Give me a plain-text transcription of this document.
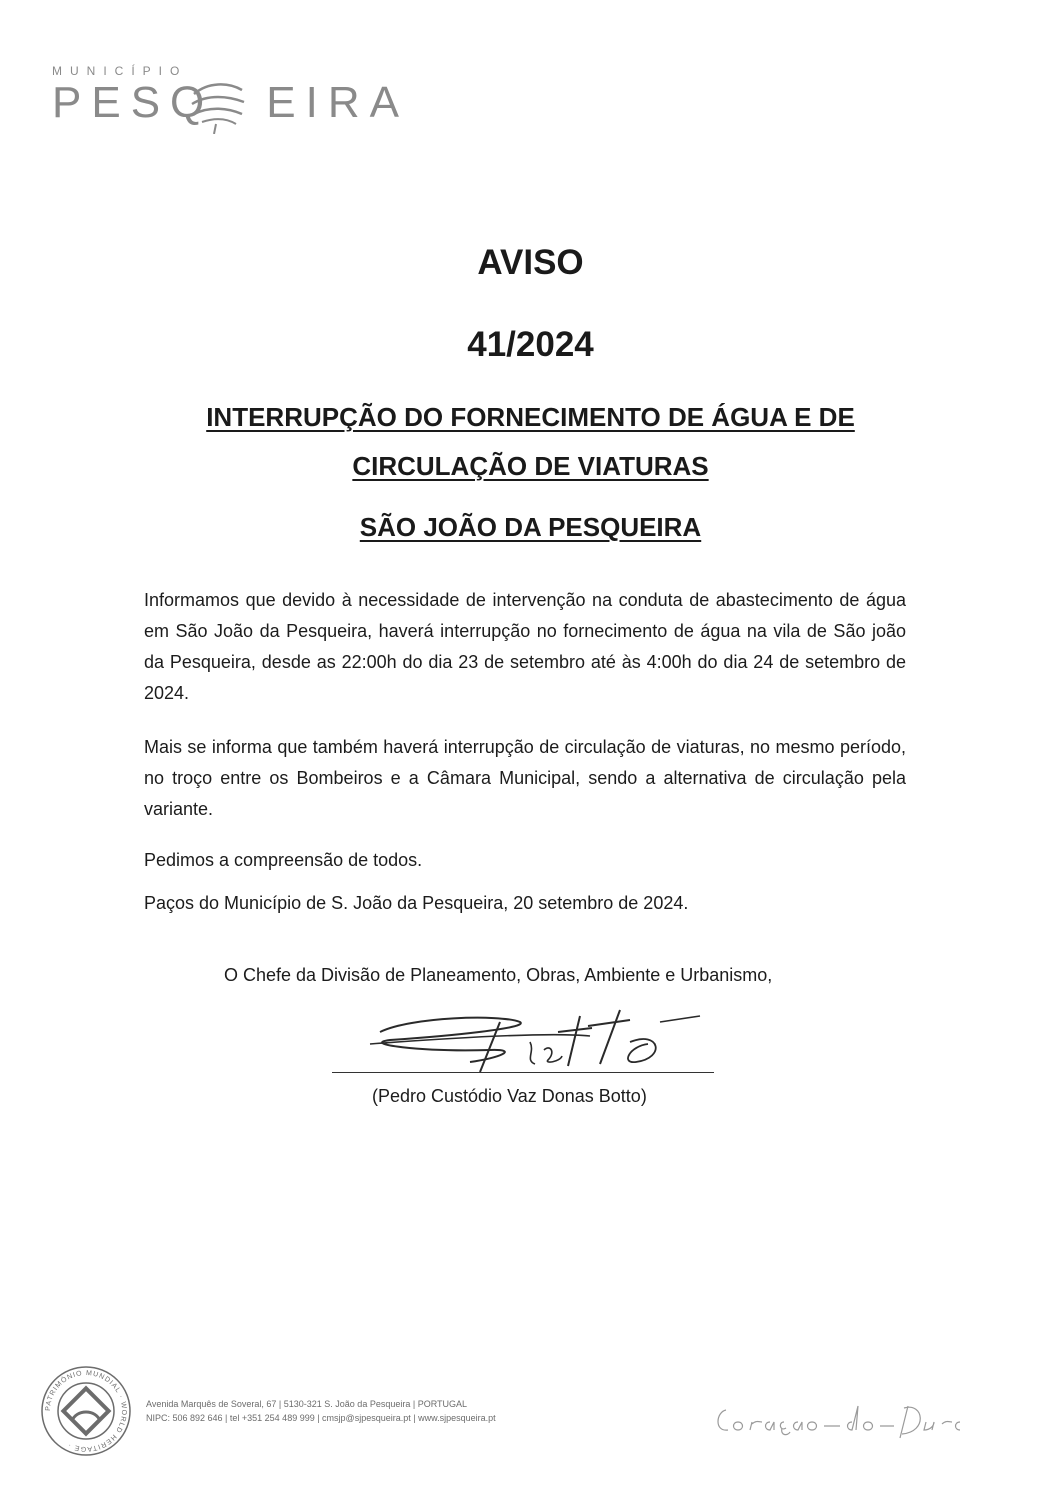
MUNICÍPIO
PESQ EIRA
AVISO
41/2024
INTERRUPÇÃO DO FORNECIMENTO DE ÁGUA E DE
CIRCULAÇÃO DE VIATURAS
SÃO JOÃO DA PESQUEIRA
Informamos que devido à necessidade de intervenção na conduta de abastecimento de água em São João da Pesqueira, haverá interrupção no fornecimento de água na vila de São joão da Pesqueira, desde as 22:00h do dia 23 de setembro até às 4:00h do dia 24 de setembro de 2024.
Mais se informa que também haverá interrupção de circulação de viaturas, no mesmo período, no troço entre os Bombeiros e a Câmara Municipal, sendo a alternativa de circulação pela variante.
Pedimos a compreensão de todos.
Paços do Município de S. João da Pesqueira, 20 setembro de 2024.
O Chefe da Divisão de Planeamento, Obras, Ambiente e Urbanismo,
(Pedro Custódio Vaz Donas Botto)
PATRIMÓNIO MUNDIAL · WORLD HERITAGE ·
Avenida Marquês de Soveral, 67 | 5130-321 S. João da Pesqueira | PORTUGAL
NIPC: 506 892 646 | tel +351 254 489 999 | cmsjp@sjpesqueira.pt | www.sjpesqueira.pt
Coração do Douro
